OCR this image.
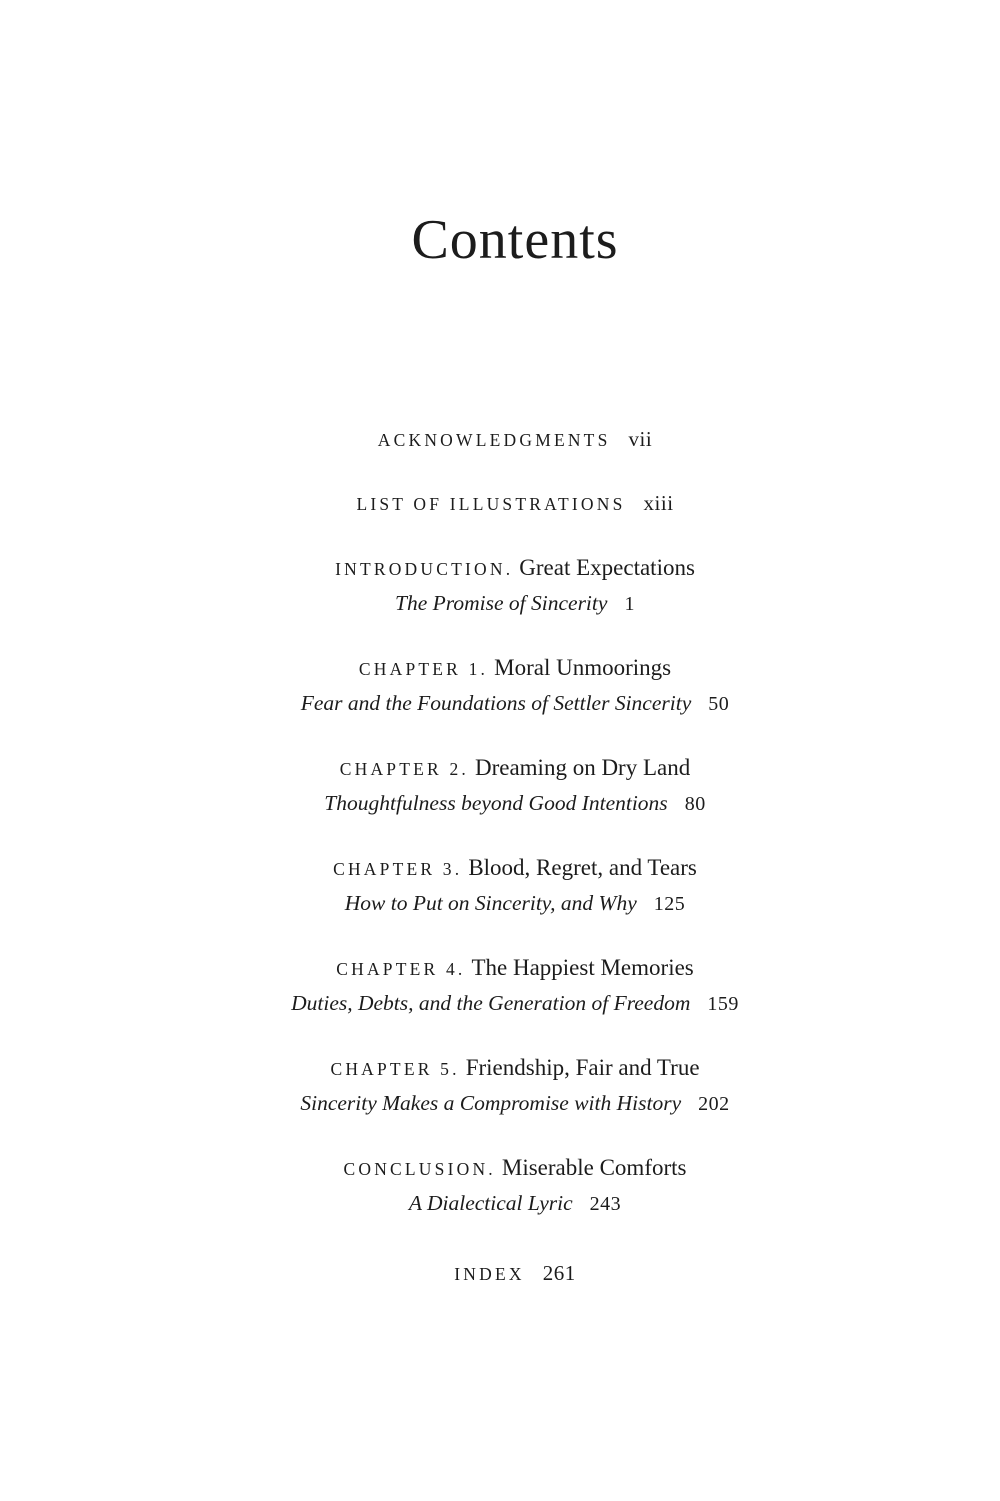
Contents
ACKNOWLEDGMENTS vii
LIST OF ILLUSTRATIONS xiii
INTRODUCTION. Great Expectations
The Promise of Sincerity 1
CHAPTER 1. Moral Unmoorings
Fear and the Foundations of Settler Sincerity 50
CHAPTER 2. Dreaming on Dry Land
Thoughtfulness beyond Good Intentions 80
CHAPTER 3. Blood, Regret, and Tears
How to Put on Sincerity, and Why 125
CHAPTER 4. The Happiest Memories
Duties, Debts, and the Generation of Freedom 159
CHAPTER 5. Friendship, Fair and True
Sincerity Makes a Compromise with History 202
CONCLUSION. Miserable Comforts
A Dialectical Lyric 243
INDEX 261
